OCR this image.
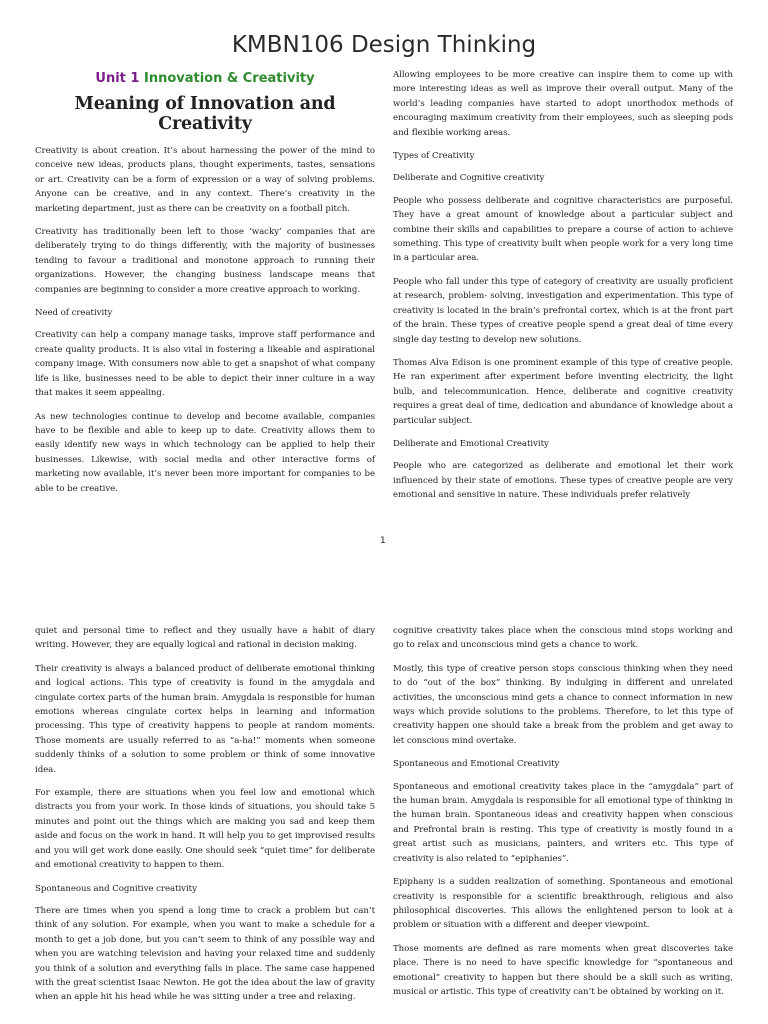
KMBN106 Design Thinking
Unit 1 Innovation & Creativity
Meaning of Innovation and Creativity

Creativity is about creation. It’s about harnessing the power of the mind to conceive new ideas, products plans, thought experiments, tastes, sensations or art. Creativity can be a form of expression or a way of solving problems. Anyone can be creative, and in any context. There’s creativity in the marketing department, just as there can be creativity on a football pitch.

Creativity has traditionally been left to those ‘wacky’ companies that are deliberately trying to do things differently, with the majority of businesses tending to favour a traditional and monotone approach to running their organizations. However, the changing business landscape means that companies are beginning to consider a more creative approach to working.

Need of creativity

Creativity can help a company manage tasks, improve staff performance and create quality products. It is also vital in fostering a likeable and aspirational company image. With consumers now able to get a snapshot of what company life is like, businesses need to be able to depict their inner culture in a way that makes it seem appealing.

As new technologies continue to develop and become available, companies have to be flexible and able to keep up to date. Creativity allows them to easily identify new ways in which technology can be applied to help their businesses. Likewise, with social media and other interactive forms of marketing now available, it’s never been more important for companies to be able to be creative.

Allowing employees to be more creative can inspire them to come up with more interesting ideas as well as improve their overall output. Many of the world’s leading companies have started to adopt unorthodox methods of encouraging maximum creativity from their employees, such as sleeping pods and flexible working areas.

Types of Creativity

Deliberate and Cognitive creativity

People who possess deliberate and cognitive characteristics are purposeful. They have a great amount of knowledge about a particular subject and combine their skills and capabilities to prepare a course of action to achieve something. This type of creativity built when people work for a very long time in a particular area.

People who fall under this type of category of creativity are usually proficient at research, problem- solving, investigation and experimentation. This type of creativity is located in the brain’s prefrontal cortex, which is at the front part of the brain. These types of creative people spend a great deal of time every single day testing to develop new solutions.

Thomas Alva Edison is one prominent example of this type of creative people. He ran experiment after experiment before inventing electricity, the light bulb, and telecommunication. Hence, deliberate and cognitive creativity requires a great deal of time, dedication and abundance of knowledge about a particular subject.

Deliberate and Emotional Creativity

People who are categorized as deliberate and emotional let their work influenced by their state of emotions. These types of creative people are very emotional and sensitive in nature. These individuals prefer relatively

1

quiet and personal time to reflect and they usually have a habit of diary writing. However, they are equally logical and rational in decision making.

Their creativity is always a balanced product of deliberate emotional thinking and logical actions. This type of creativity is found in the amygdala and cingulate cortex parts of the human brain. Amygdala is responsible for human emotions whereas cingulate cortex helps in learning and information processing. This type of creativity happens to people at random moments. Those moments are usually referred to as “a-ha!” moments when someone suddenly thinks of a solution to some problem or think of some innovative idea.

For example, there are situations when you feel low and emotional which distracts you from your work. In those kinds of situations, you should take 5 minutes and point out the things which are making you sad and keep them aside and focus on the work in hand. It will help you to get improvised results and you will get work done easily. One should seek “quiet time” for deliberate and emotional creativity to happen to them.

Spontaneous and Cognitive creativity

There are times when you spend a long time to crack a problem but can’t think of any solution. For example, when you want to make a schedule for a month to get a job done, but you can’t seem to think of any possible way and when you are watching television and having your relaxed time and suddenly you think of a solution and everything falls in place. The same case happened with the great scientist Isaac Newton. He got the idea about the law of gravity when an apple hit his head while he was sitting under a tree and relaxing.

cognitive creativity takes place when the conscious mind stops working and go to relax and unconscious mind gets a chance to work.

Mostly, this type of creative person stops conscious thinking when they need to do “out of the box” thinking. By indulging in different and unrelated activities, the unconscious mind gets a chance to connect information in new ways which provide solutions to the problems. Therefore, to let this type of creativity happen one should take a break from the problem and get away to let conscious mind overtake.

Spontaneous and Emotional Creativity

Spontaneous and emotional creativity takes place in the “amygdala” part of the human brain. Amygdala is responsible for all emotional type of thinking in the human brain. Spontaneous ideas and creativity happen when conscious and Prefrontal brain is resting. This type of creativity is mostly found in a great artist such as musicians, painters, and writers etc. This type of creativity is also related to “epiphanies”.

Epiphany is a sudden realization of something. Spontaneous and emotional creativity is responsible for a scientific breakthrough, religious and also philosophical discoveries. This allows the enlightened person to look at a problem or situation with a different and deeper viewpoint.

Those moments are defined as rare moments when great discoveries take place. There is no need to have specific knowledge for “spontaneous and emotional” creativity to happen but there should be a skill such as writing, musical or artistic. This type of creativity can’t be obtained by working on it.
